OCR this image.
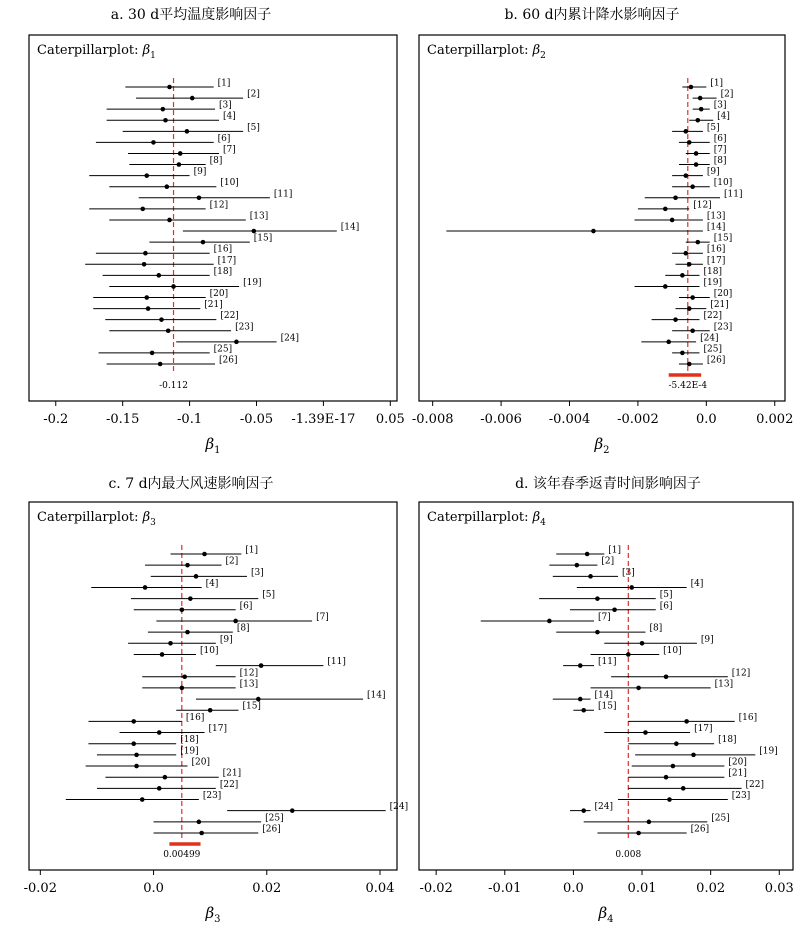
a. 30 d平均温度影响因子
Caterpillarplot: $\beta_1$
-0.2	-0.15	-0.1	-0.05 -1.39E-17 0.05
$\beta_1$
[1]
[2]
[3]
[4]
[5]
[6]
[7]
[8]
[9]
[10]
[11]
[12]
[13]
[14]
[15]
[16]
[17]
[18]
[19]
[20]
[21]
[22]
[23]
[24]
[25]
[26]
-0.112
b. 60 d内累计降水影响因子
Caterpillarplot: $\beta_2$
-0.008 -0.006 -0.004 -0.002	0.0	0.002
$\beta_2$
[1]
[2]
[3]
[4]
[5]
[6]
[7]
[8]
[9]
[10]
[11]
[12]
[13]
[14]
[15]
[16]
[17]
[18]
[19]
[20]
[21]
[22]
[23]
[24]
[25]
[26]
-5.42E-4
c. 7 d内最大风速影响因子
Caterpillarplot: $\beta_3$
-0.02	0.0	0.02	0.04
$\beta_3$
[1]
[2]
[3]
[4]
[5]
[6]
[7]
[8]
[9]
[10]
[11]
[12]
[13]
[14]
[15]
[16]
[17]
[18]
[19]
[20]
[21]
[22]
[23]
[24]
[25]
[26]
0.00499
d. 该年春季返青时间影响因子
Caterpillarplot: $\beta_4$
-0.02	-0.01	0.0	0.01	0.02	0.03
$\beta_4$
[1]
[2]
[3]
[4]
[5]
[6]
[7]
[8]
[9]
[10]
[11]
[12]
[13]
[14]
[15]
[16]
[17]
[18]
[19]
[20]
[21]
[22]
[23]
[24]
[25]
[26]
0.008
